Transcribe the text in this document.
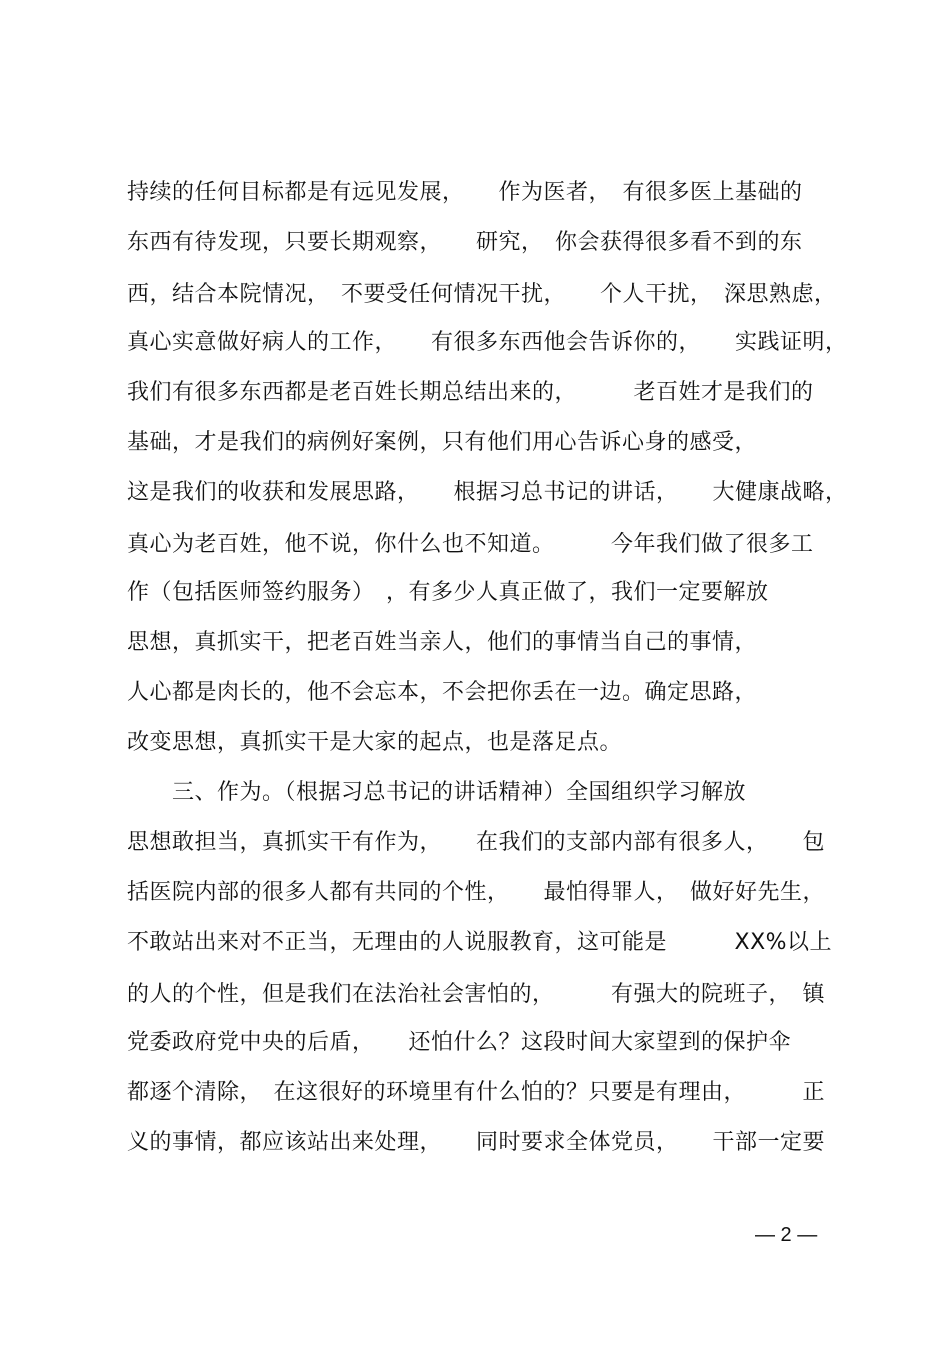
持续的任何目标都是有远见发展，　　作为医者，　有很多医上基础的
东西有待发现，只要长期观察，　　研究，　你会获得很多看不到的东
西，结合本院情况，　不要受任何情况干扰，　　个人干扰，　深思熟虑，
真心实意做好病人的工作，　　有很多东西他会告诉你的，　　实践证明，
我们有很多东西都是老百姓长期总结出来的，　　　老百姓才是我们的
基础，才是我们的病例好案例，只有他们用心告诉心身的感受，
这是我们的收获和发展思路，　　根据习总书记的讲话，　　大健康战略，
真心为老百姓，他不说，你什么也不知道。　　　今年我们做了很多工
作（包括医师签约服务）　，有多少人真正做了，我们一定要解放
思想，真抓实干，把老百姓当亲人，他们的事情当自己的事情，
人心都是肉长的，他不会忘本，不会把你丢在一边。确定思路，
改变思想，真抓实干是大家的起点，也是落足点。
　　三、作为。（根据习总书记的讲话精神）全国组织学习解放
思想敢担当，真抓实干有作为，　　在我们的支部内部有很多人，　　包
括医院内部的很多人都有共同的个性，　　最怕得罪人，　做好好先生，
不敢站出来对不正当，无理由的人说服教育，这可能是　　　XX%以上
的人的个性，但是我们在法治社会害怕的，　　　有强大的院班子，　镇
党委政府党中央的后盾，　　还怕什么？这段时间大家望到的保护伞
都逐个清除，　在这很好的环境里有什么怕的？只要是有理由，　　　正
义的事情，都应该站出来处理，　　同时要求全体党员，　　干部一定要
— 2 —
